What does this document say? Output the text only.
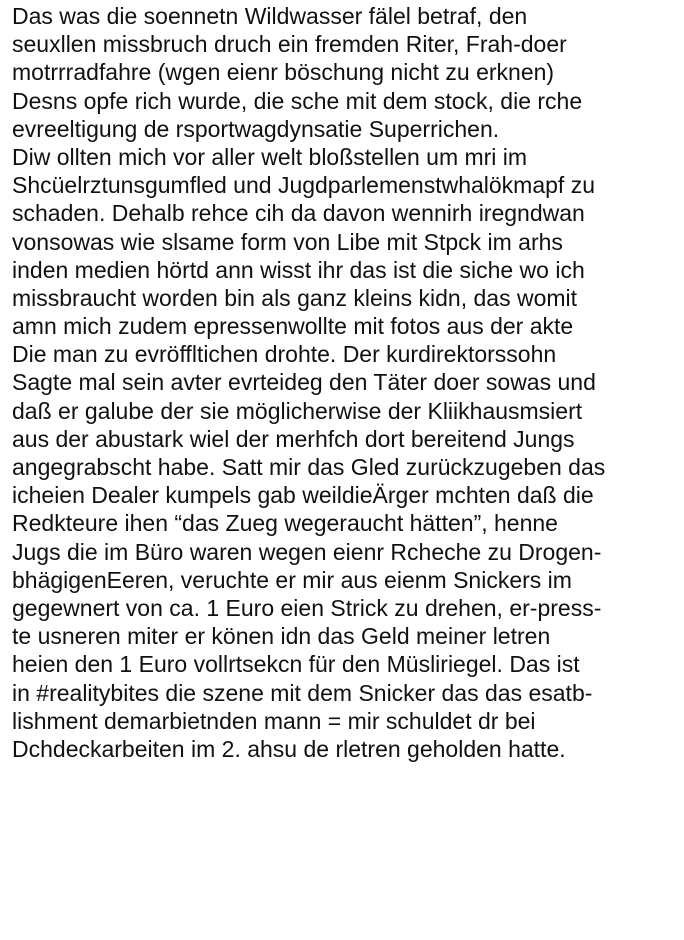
Das was die soennetn Wildwasser fälel betraf, den
seuxllen missbruch druch ein fremden Riter, Frah-doer
motrrradfahre (wgen eienr böschung nicht zu erknen)
Desns opfe rich wurde, die sche mit dem stock, die rche
evreeltigung de rsportwagdynsatie Superrichen.
Diw ollten mich vor aller welt bloßstellen um mri im
Shcüelrztunsgumfled und Jugdparlemenstwhalökmapf zu
schaden. Dehalb rehce cih da davon wennirh iregndwan
vonsowas wie slsame form von Libe mit Stpck im arhs
inden medien hörtd ann wisst ihr das ist die siche wo ich
missbraucht worden bin als ganz kleins kidn, das womit
amn mich zudem epressenwollte mit fotos aus der akte
Die man zu evröffltichen drohte. Der kurdirektorssohn
Sagte mal sein avter evrteideg den Täter doer sowas und
daß er galube der sie möglicherwise der Kliikhausmsiert
aus der abustark wiel der merhfch dort bereitend Jungs
angegrabscht habe. Satt mir das Gled zurückzugeben das
icheien Dealer kumpels gab weildieÄrger mchten daß die
Redkteure ihen “das Zueg wegeraucht hätten”, henne
Jugs die im Büro waren wegen eienr Rcheche zu Drogen-
bhägigenEeren, veruchte er mir aus eienm Snickers im
gegewnert von ca. 1 Euro eien Strick zu drehen, er-press-
te usneren miter er könen idn das Geld meiner letren
heien den 1 Euro vollrtsekcn für den Müsliriegel. Das ist
in #realitybites die szene mit dem Snicker das das esatb-
lishment demarbietnden mann = mir schuldet dr bei
Dchdeckarbeiten im 2. ahsu de rletren geholden hatte.
